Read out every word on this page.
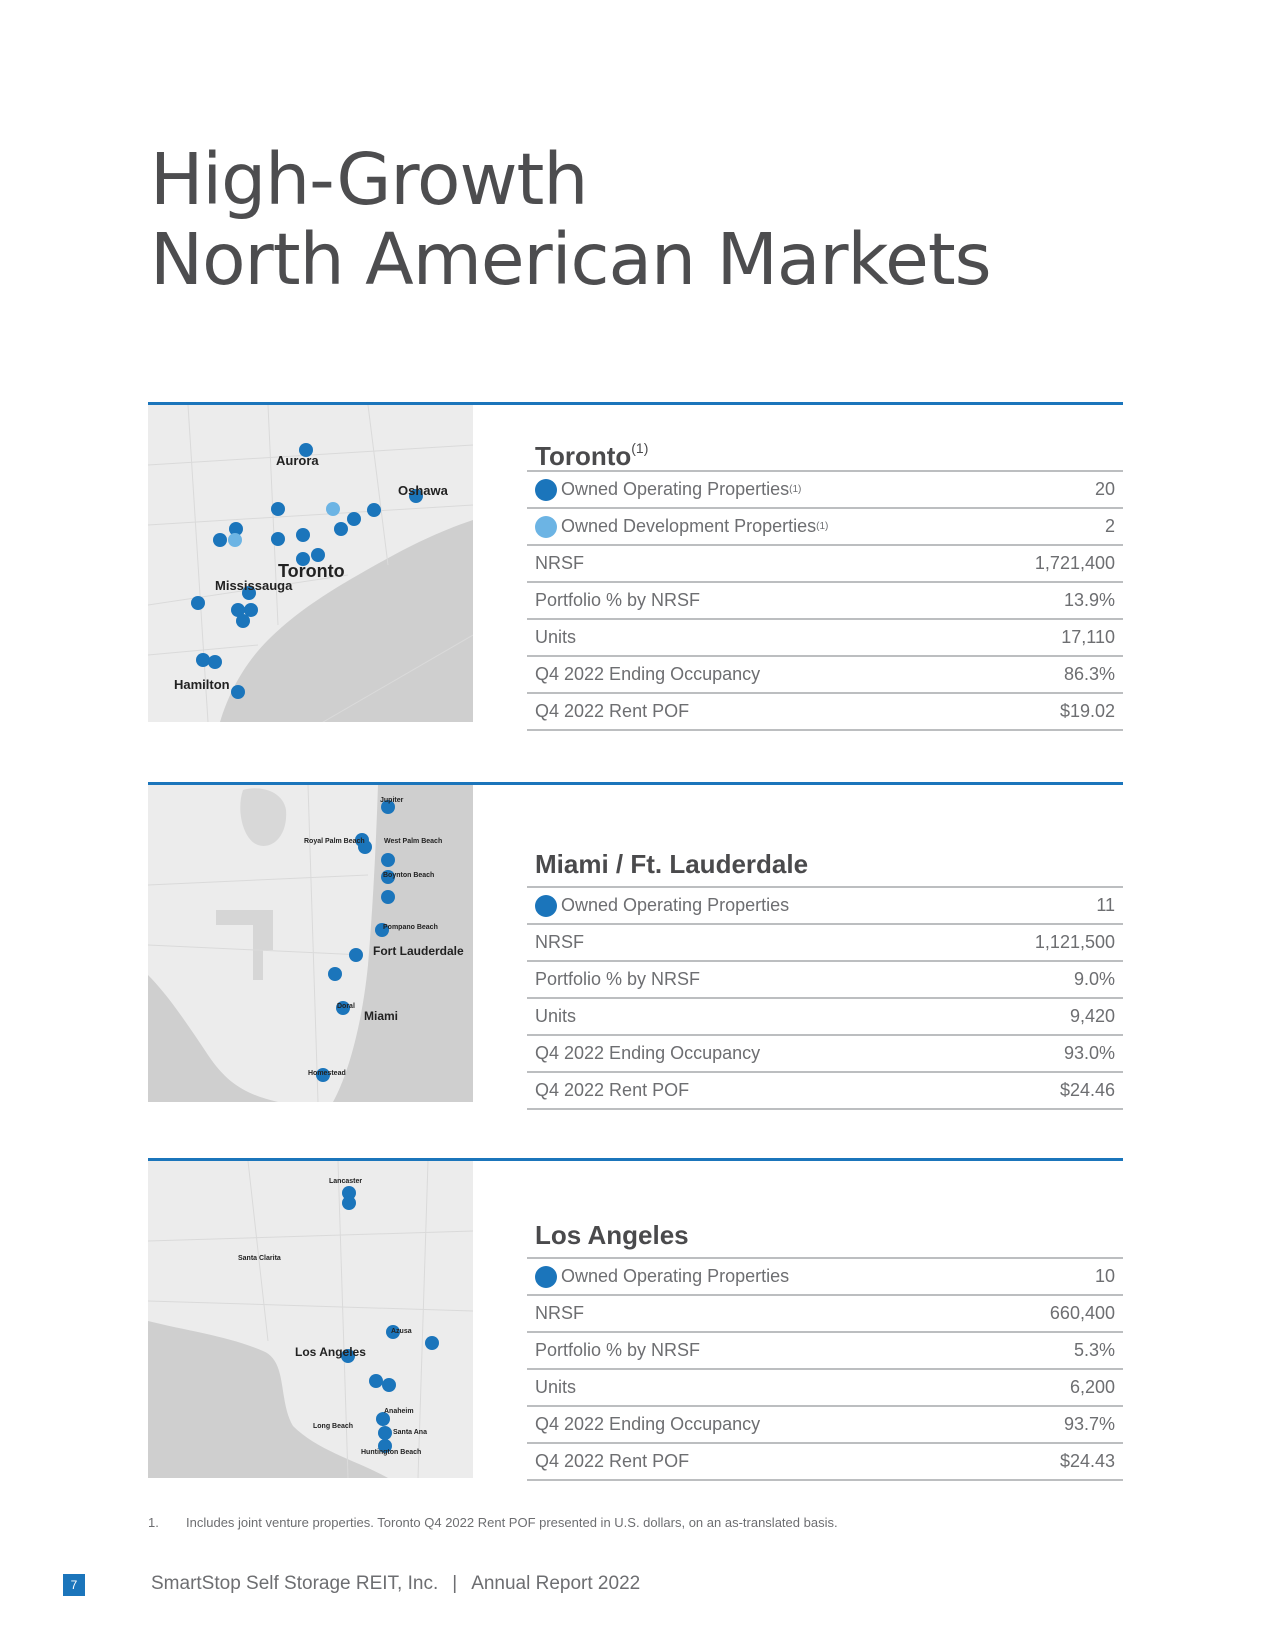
High-Growth
North American Markets
Aurora
Oshawa
Toronto
Mississauga
Hamilton
Toronto$^{(1)}$
Owned Operating Properties (1)	20
Owned Development Properties (1)	2
NRSF	1,721,400
Portfolio % by NRSF	13.9%
Units	17,110
Q4 2022 Ending Occupancy	86.3%
Q4 2022 Rent POF	$19.02
Jupiter
Royal Palm Beach	West Palm Beach
Boynton Beach
Pompano Beach
Fort Lauderdale
Doral
Miami
Homestead
Miami / Ft. Lauderdale
Owned Operating Properties	11
NRSF	1,121,500
Portfolio % by NRSF	9.0%
Units	9,420
Q4 2022 Ending Occupancy	93.0%
Q4 2022 Rent POF	$24.46
Lancaster
Santa Clarita
Los Angeles
Azusa
Anaheim
Long Beach
Santa Ana
Huntington Beach
Los Angeles
Owned Operating Properties	10
NRSF	660,400
Portfolio % by NRSF	5.3%
Units	6,200
Q4 2022 Ending Occupancy	93.7%
Q4 2022 Rent POF	$24.43
1. Includes joint venture properties. Toronto Q4 2022 Rent POF presented in U.S. dollars, on an as-translated basis.
7	SmartStop Self Storage REIT, Inc. | Annual Report 2022
